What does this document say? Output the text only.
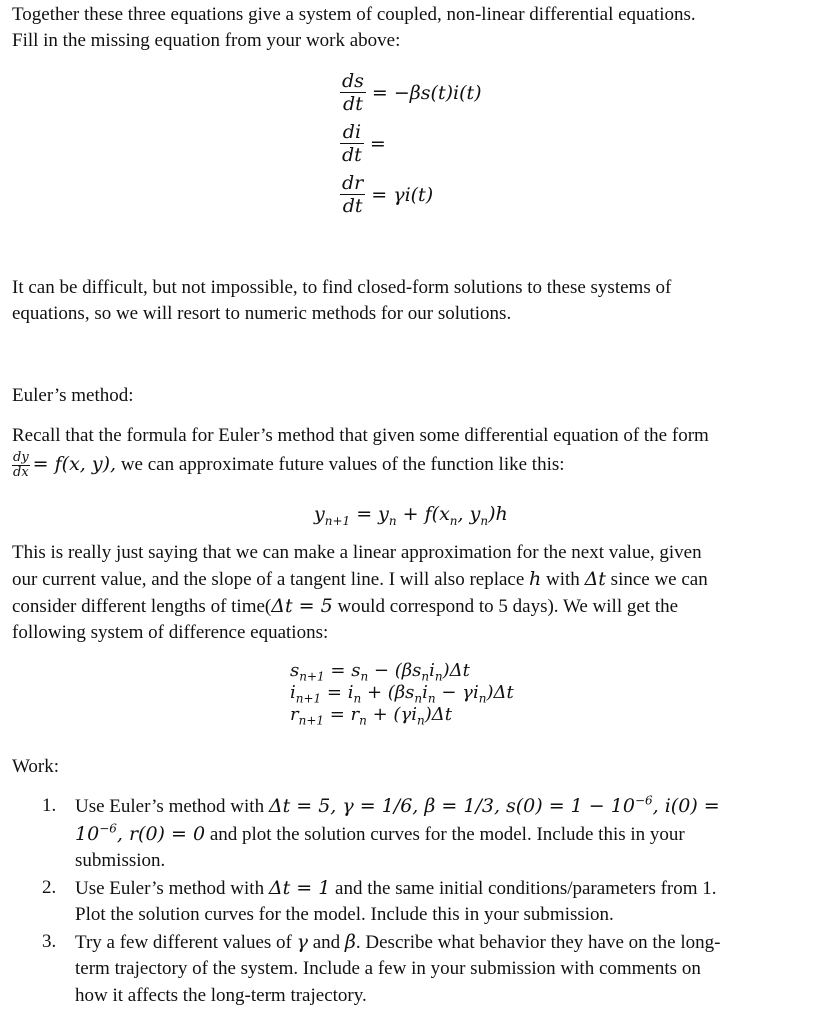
Together these three equations give a system of coupled, non-linear differential equations.
Fill in the missing equation from your work above:
$\frac{ds}{dt} = -\beta s(t)i(t)$
$\frac{di}{dt}$ =
$\frac{dr}{dt} = \gamma i(t)$
It can be difficult, but not impossible, to find closed-form solutions to these systems of
equations, so we will resort to numeric methods for our solutions.
Euler’s method:
Recall that the formula for Euler’s method that given some differential equation of the form
$\frac{dy}{dx} = f(x$, y), we can approximate future values of the function like this:
$y_{n+1} = y_n + f(x_n$, $y_n)h$
This is really just saying that we can make a linear approximation for the next value, given
our current value, and the slope of a tangent line. I will also replace h with Δt since we can
consider different lengths of time(Δt = 5 would correspond to 5 days). We will get the
following system of difference equations:
$s_{n+1} = s_n - (\beta s_ni_n)\Delta t$
$i_{n+1} = i_n + (\beta s_ni_n - \gamma i_n)\Delta t$
$r_{n+1} = r_n + (\gamma i_n)\Delta t$
Work:
1. Use Euler’s method with Δt = 5, γ = 1/6, β = 1/3, $s(0) = 1 - 10^{-6}$, i(0) =
$10^{-6}$, r(0) = 0 and plot the solution curves for the model. Include this in your
submission.
2. Use Euler’s method with Δt = 1 and the same initial conditions/parameters from 1.
Plot the solution curves for the model. Include this in your submission.
3. Try a few different values of γ and β. Describe what behavior they have on the long-
term trajectory of the system. Include a few in your submission with comments on
how it affects the long-term trajectory.
